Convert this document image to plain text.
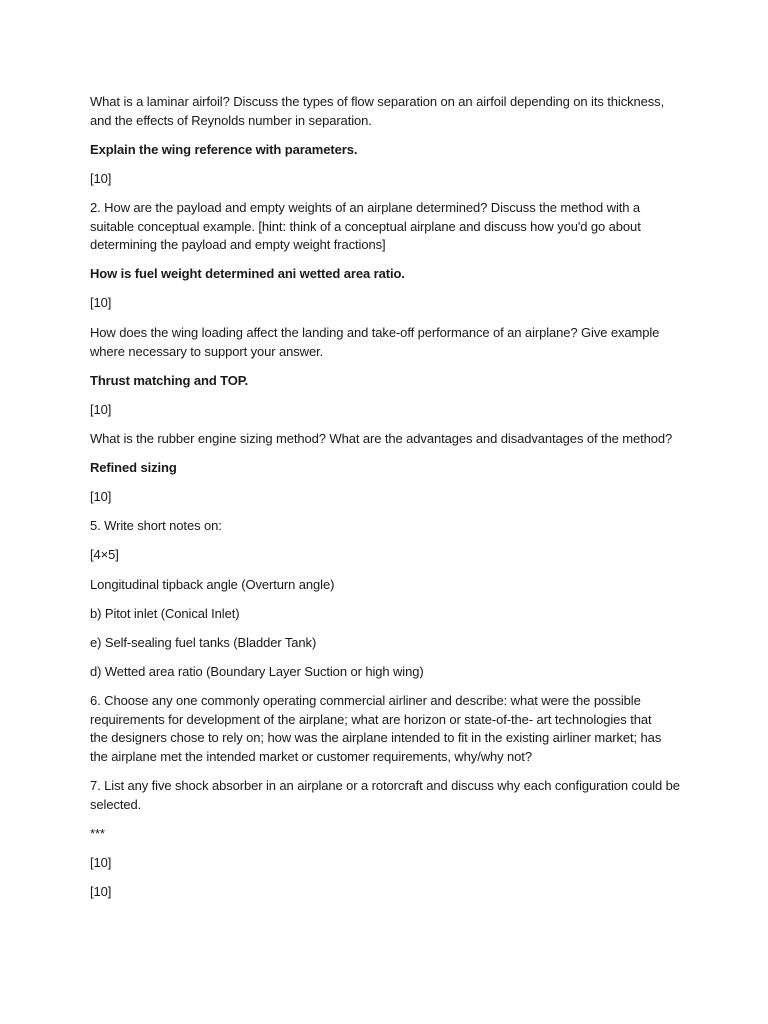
What is a laminar airfoil? Discuss the types of flow separation on an airfoil depending on its thickness,
and the effects of Reynolds number in separation.
Explain the wing reference with parameters.
[10]
2. How are the payload and empty weights of an airplane determined? Discuss the method with a
suitable conceptual example. [hint: think of a conceptual airplane and discuss how you'd go about
determining the payload and empty weight fractions]
How is fuel weight determined ani wetted area ratio.
[10]
How does the wing loading affect the landing and take-off performance of an airplane? Give example
where necessary to support your answer.
Thrust matching and TOP.
[10]
What is the rubber engine sizing method? What are the advantages and disadvantages of the method?
Refined sizing
[10]
5. Write short notes on:
[4×5]
Longitudinal tipback angle (Overturn angle)
b) Pitot inlet (Conical Inlet)
e) Self-sealing fuel tanks (Bladder Tank)
d) Wetted area ratio (Boundary Layer Suction or high wing)
6. Choose any one commonly operating commercial airliner and describe: what were the possible
requirements for development of the airplane; what are horizon or state-of-the- art technologies that
the designers chose to rely on; how was the airplane intended to fit in the existing airliner market; has
the airplane met the intended market or customer requirements, why/why not?
7. List any five shock absorber in an airplane or a rotorcraft and discuss why each configuration could be
selected.
***
[10]
[10]
